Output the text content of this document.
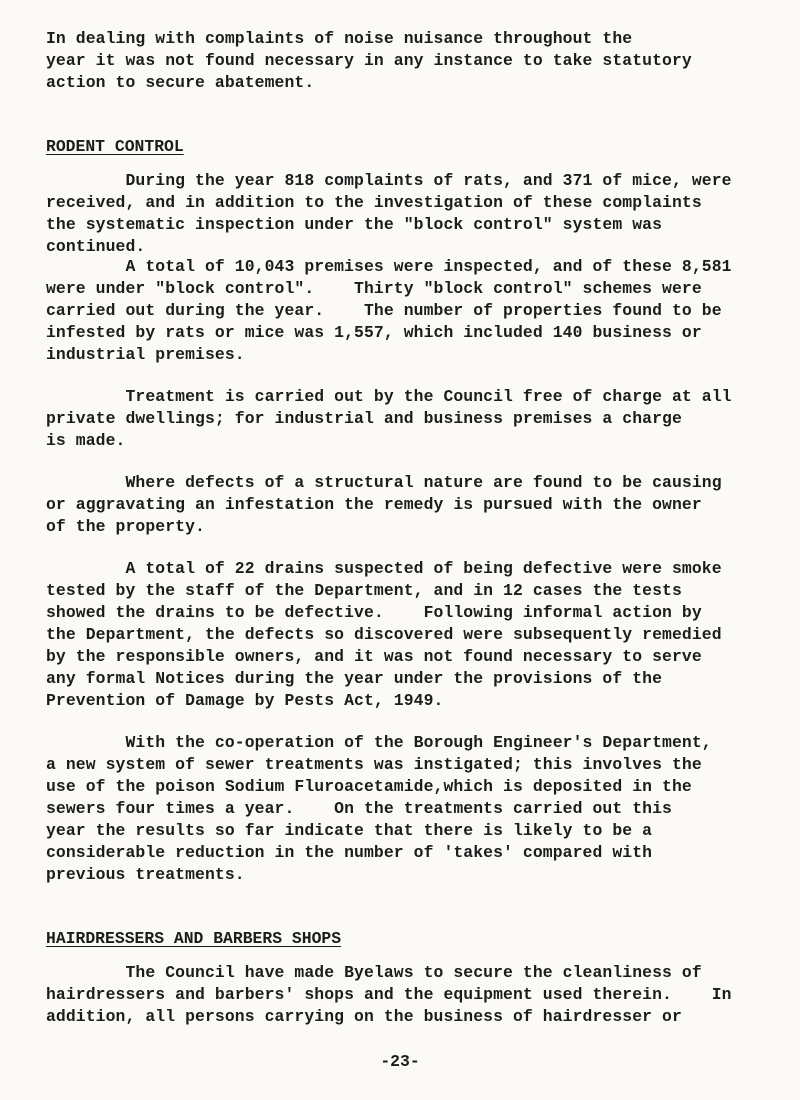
In dealing with complaints of noise nuisance throughout the
year it was not found necessary in any instance to take statutory
action to secure abatement.

RODENT CONTROL

During the year 818 complaints of rats, and 371 of mice, were
received, and in addition to the investigation of these complaints
the systematic inspection under the "block control" system was
continued.

A total of 10,043 premises were inspected, and of these 8,581
were under "block control".    Thirty "block control" schemes were
carried out during the year.    The number of properties found to be
infested by rats or mice was 1,557, which included 140 business or
industrial premises.

Treatment is carried out by the Council free of charge at all
private dwellings; for industrial and business premises a charge
is made.

Where defects of a structural nature are found to be causing
or aggravating an infestation the remedy is pursued with the owner
of the property.

A total of 22 drains suspected of being defective were smoke
tested by the staff of the Department, and in 12 cases the tests
showed the drains to be defective.    Following informal action by
the Department, the defects so discovered were subsequently remedied
by the responsible owners, and it was not found necessary to serve
any formal Notices during the year under the provisions of the
Prevention of Damage by Pests Act, 1949.

With the co-operation of the Borough Engineer's Department,
a new system of sewer treatments was instigated; this involves the
use of the poison Sodium Fluroacetamide,which is deposited in the
sewers four times a year.    On the treatments carried out this
year the results so far indicate that there is likely to be a
considerable reduction in the number of 'takes' compared with
previous treatments.

HAIRDRESSERS AND BARBERS SHOPS

The Council have made Byelaws to secure the cleanliness of
hairdressers and barbers' shops and the equipment used therein.    In
addition, all persons carrying on the business of hairdresser or

-23-
